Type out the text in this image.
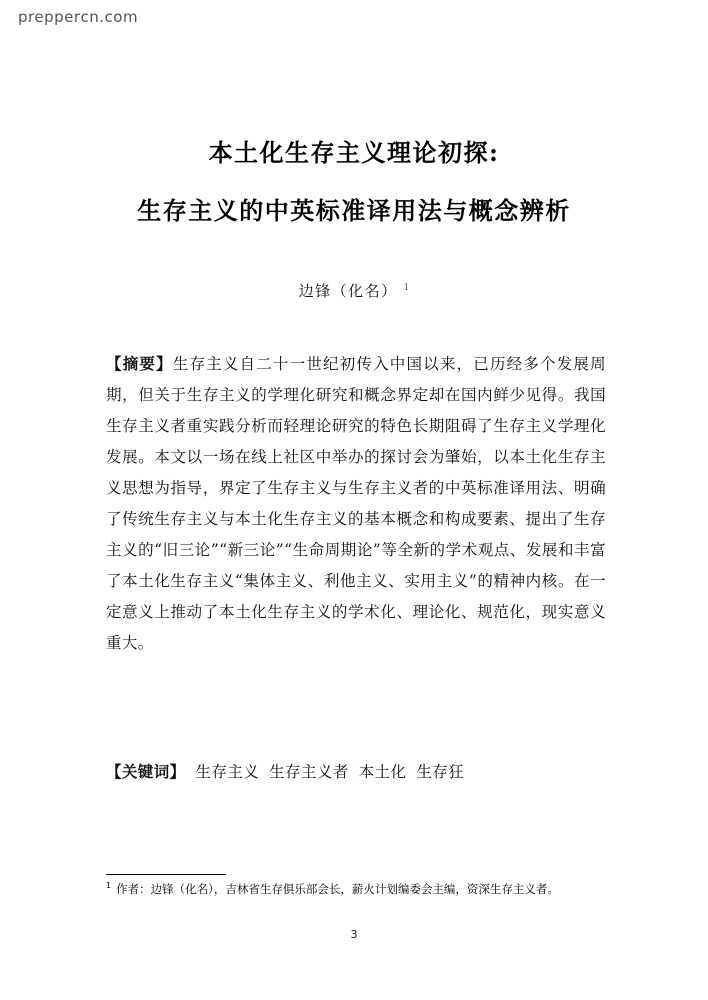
prepperсn.com
本土化生存主义理论初探:
生存主义的中英标准译用法与概念辨析
边锋（化名） $^1$
【摘要】生存主义自二十一世纪初传入中国以来，已历经多个发展周期，但关于生存主义的学理化研究和概念界定却在国内鲜少见得。我国生存主义者重实践分析而轻理论研究的特色长期阻碍了生存主义学理化发展。本文以一场在线上社区中举办的探讨会为肇始，以本土化生存主义思想为指导，界定了生存主义与生存主义者的中英标准译用法、明确了传统生存主义与本土化生存主义的基本概念和构成要素、提出了生存主义的“旧三论”“新三论”“生命周期论”等全新的学术观点、发展和丰富了本土化生存主义“集体主义、利他主义、实用主义”的精神内核。在一定意义上推动了本土化生存主义的学术化、理论化、规范化，现实意义重大。
【关键词】 生存主义 生存主义者 本土化 生存狂
$^1$ 作者：边锋（化名），吉林省生存俱乐部会长，薪火计划编委会主编，资深生存主义者。
3
